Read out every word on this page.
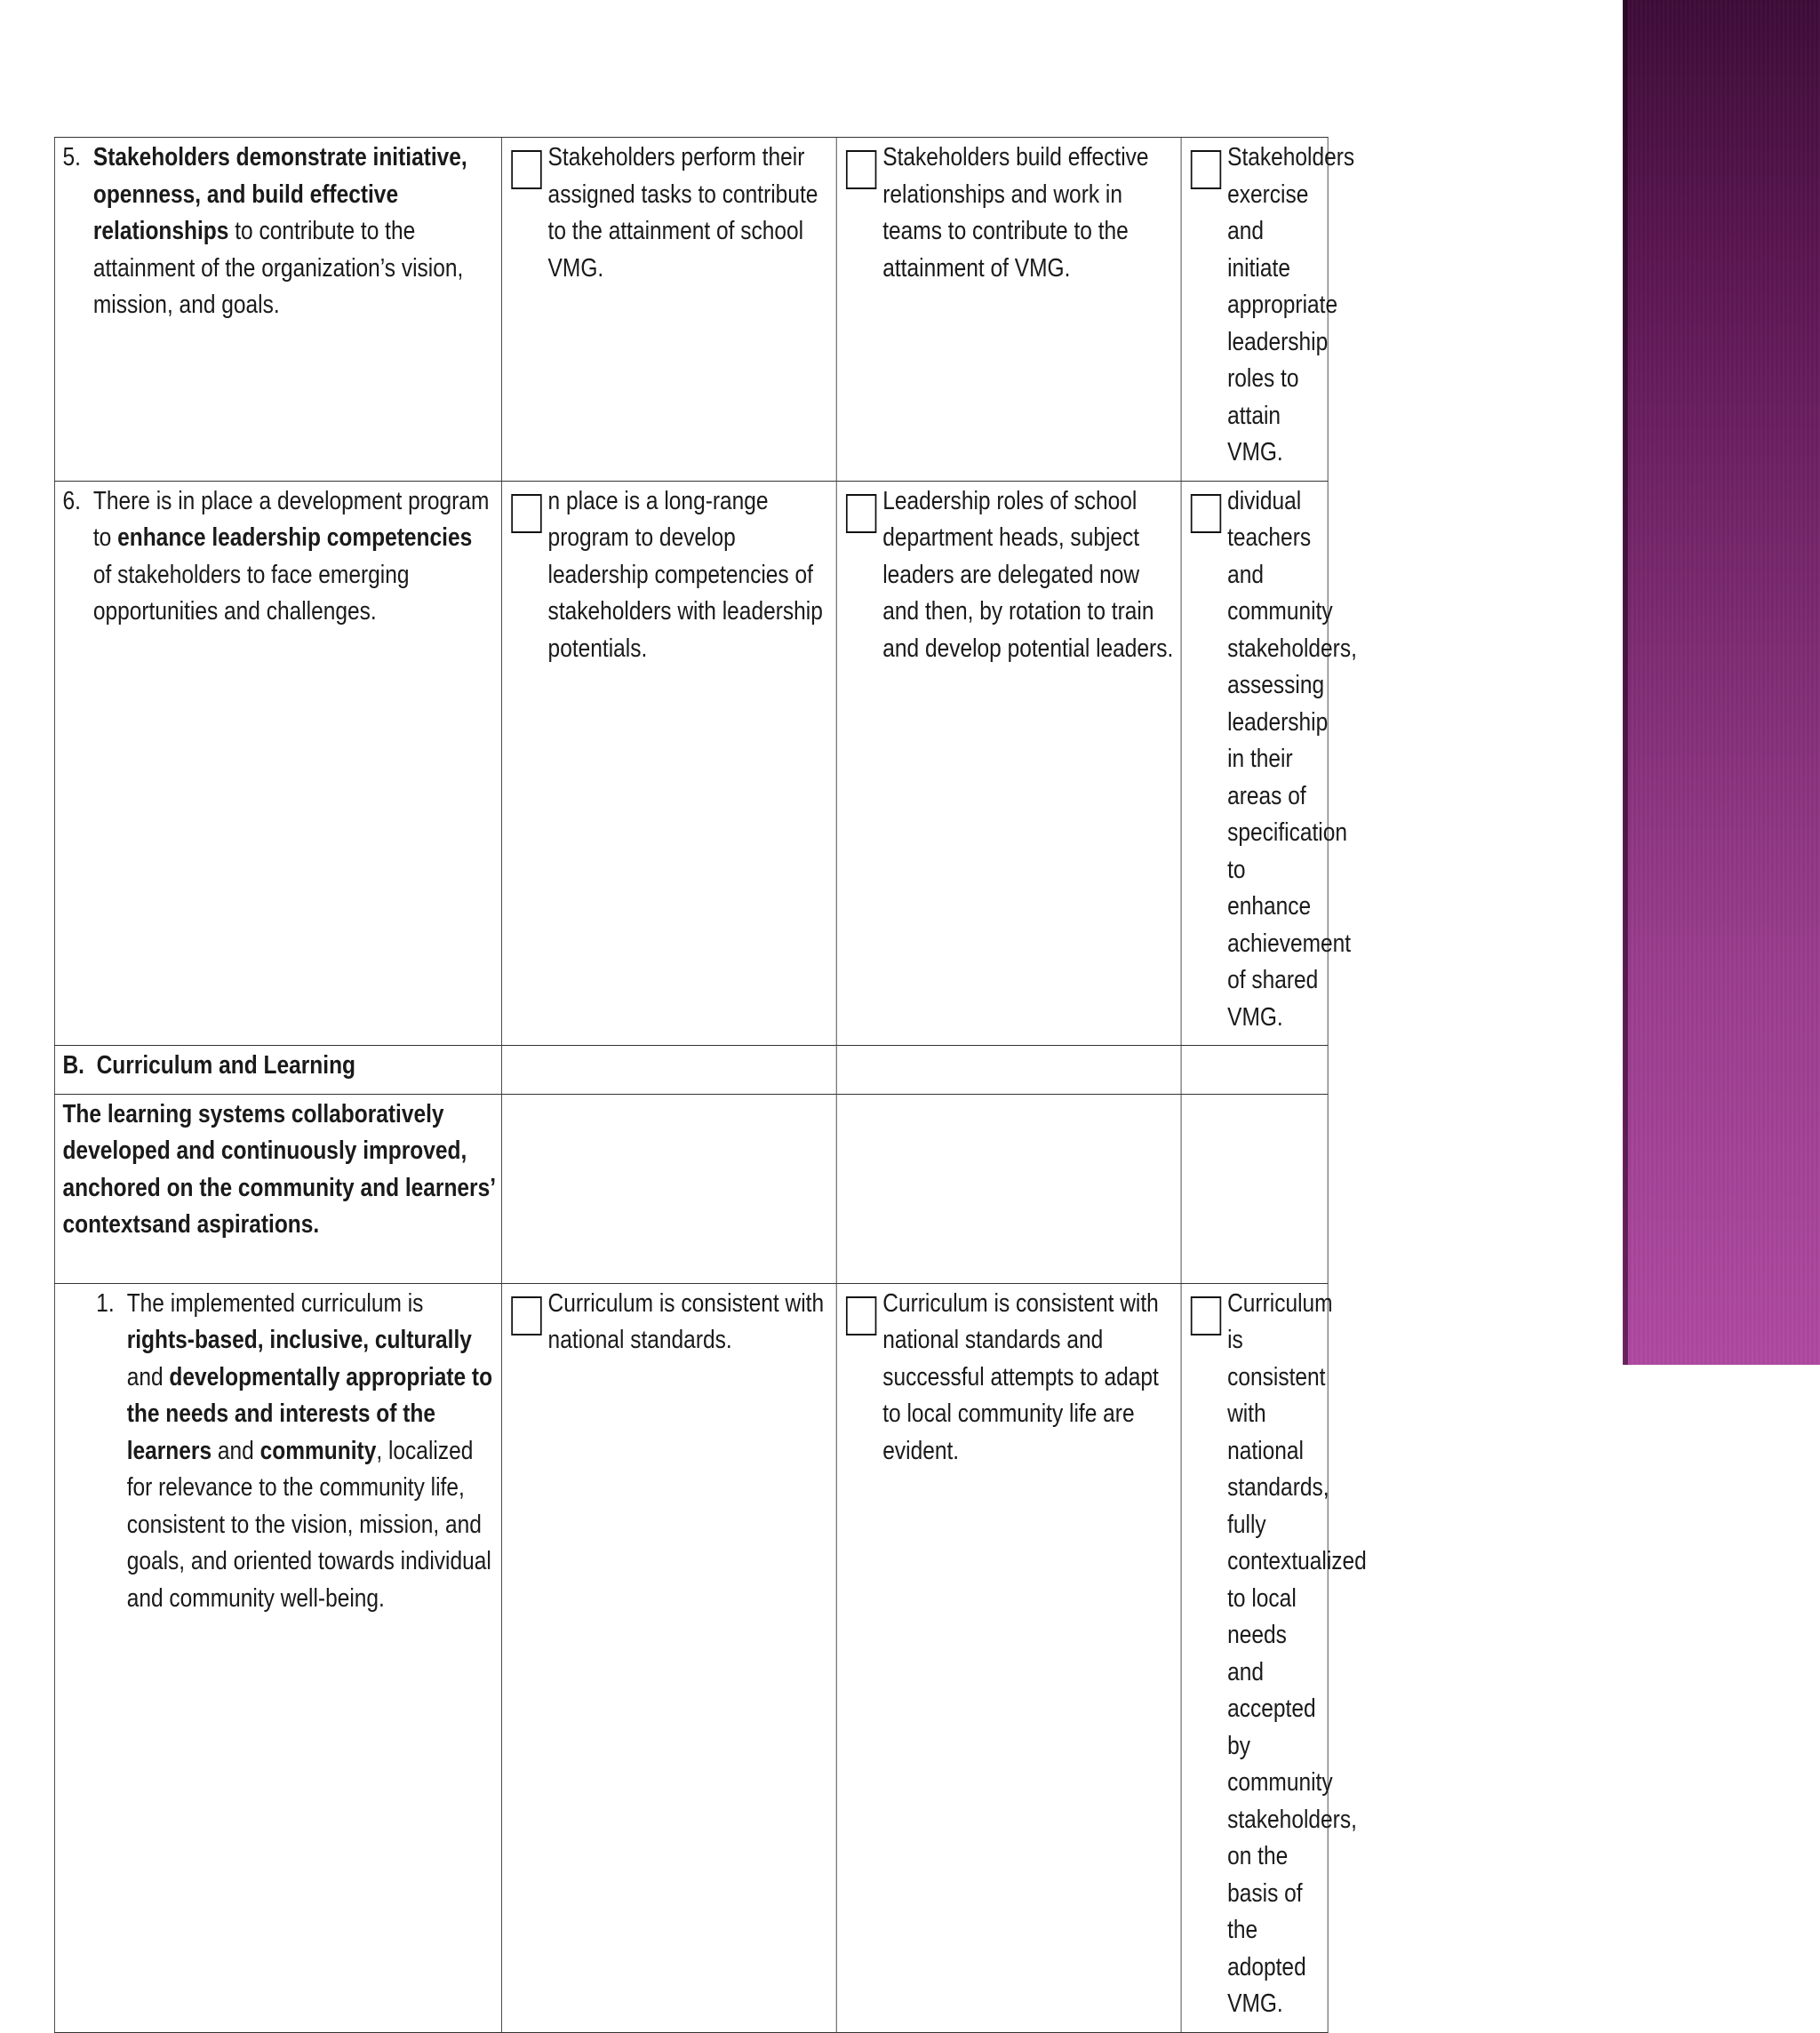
5. Stakeholders demonstrate initiative, openness, and build effective relationships to contribute to the attainment of the organization’s vision, mission, and goals.	Stakeholders perform their assigned tasks to contribute to the attainment of school VMG.	Stakeholders build effective relationships and work in teams to contribute to the attainment of VMG.	Stakeholders exercise and initiate appropriate leadership roles to attain VMG.

6. There is in place a development program to enhance leadership competencies of stakeholders to face emerging opportunities and challenges.	n place is a long-range program to develop leadership competencies of stakeholders with leadership potentials.	Leadership roles of school department heads, subject leaders are delegated now and then, by rotation to train and develop potential leaders.	dividual teachers and community stakeholders, assessing leadership in their areas of specification to enhance achievement of shared VMG.

B. Curriculum and Learning			
The learning systems collaboratively developed and continuously improved, anchored on the community and learners’ contextsand aspirations.			

1. The implemented curriculum is rights-based, inclusive, culturally and developmentally appropriate to the needs and interests of the learners and community, localized for relevance to the community life, consistent to the vision, mission, and goals, and oriented towards individual and community well-being.	Curriculum is consistent with national standards.	Curriculum is consistent with national standards and successful attempts to adapt to local community life are evident.	Curriculum is consistent with national standards, fully contextualized to local needs and accepted by community stakeholders, on the basis of the adopted VMG.
